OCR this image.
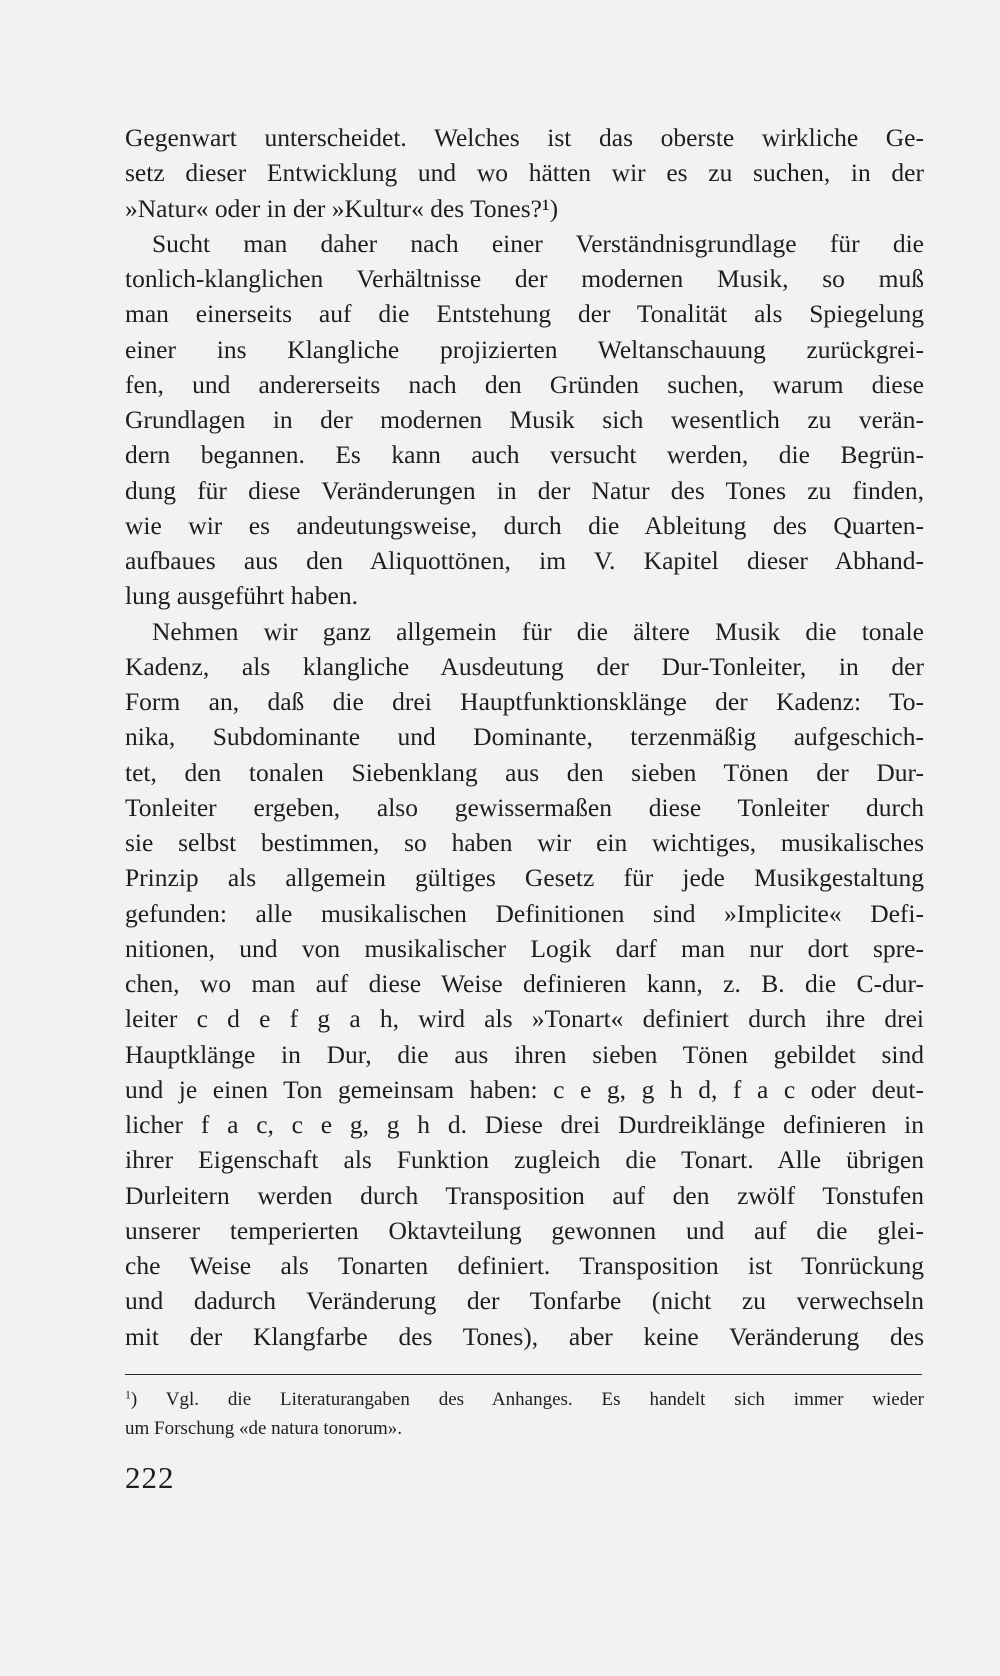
Gegenwart unterscheidet. Welches ist das oberste wirkliche Ge-
setz dieser Entwicklung und wo hätten wir es zu suchen, in der
»Natur« oder in der »Kultur« des Tones?¹)
Sucht man daher nach einer Verständnisgrundlage für die
tonlich-klanglichen Verhältnisse der modernen Musik, so muß
man einerseits auf die Entstehung der Tonalität als Spiegelung
einer ins Klangliche projizierten Weltanschauung zurückgrei-
fen, und andererseits nach den Gründen suchen, warum diese
Grundlagen in der modernen Musik sich wesentlich zu verän-
dern begannen. Es kann auch versucht werden, die Begrün-
dung für diese Veränderungen in der Natur des Tones zu finden,
wie wir es andeutungsweise, durch die Ableitung des Quarten-
aufbaues aus den Aliquottönen, im V. Kapitel dieser Abhand-
lung ausgeführt haben.
Nehmen wir ganz allgemein für die ältere Musik die tonale
Kadenz, als klangliche Ausdeutung der Dur-Tonleiter, in der
Form an, daß die drei Hauptfunktionsklänge der Kadenz: To-
nika, Subdominante und Dominante, terzenmäßig aufgeschich-
tet, den tonalen Siebenklang aus den sieben Tönen der Dur-
Tonleiter ergeben, also gewissermaßen diese Tonleiter durch
sie selbst bestimmen, so haben wir ein wichtiges, musikalisches
Prinzip als allgemein gültiges Gesetz für jede Musikgestaltung
gefunden: alle musikalischen Definitionen sind »Implicite« Defi-
nitionen, und von musikalischer Logik darf man nur dort spre-
chen, wo man auf diese Weise definieren kann, z. B. die C-dur-
leiter c d e f g a h, wird als »Tonart« definiert durch ihre drei
Hauptklänge in Dur, die aus ihren sieben Tönen gebildet sind
und je einen Ton gemeinsam haben: c e g, g h d, f a c oder deut-
licher f a c, c e g, g h d. Diese drei Durdreiklänge definieren in
ihrer Eigenschaft als Funktion zugleich die Tonart. Alle übrigen
Durleitern werden durch Transposition auf den zwölf Tonstufen
unserer temperierten Oktavteilung gewonnen und auf die glei-
che Weise als Tonarten definiert. Transposition ist Tonrückung
und dadurch Veränderung der Tonfarbe (nicht zu verwechseln
mit der Klangfarbe des Tones), aber keine Veränderung des
$^1$) Vgl. die Literaturangaben des Anhanges. Es handelt sich immer wieder
um Forschung «de natura tonorum».
222
